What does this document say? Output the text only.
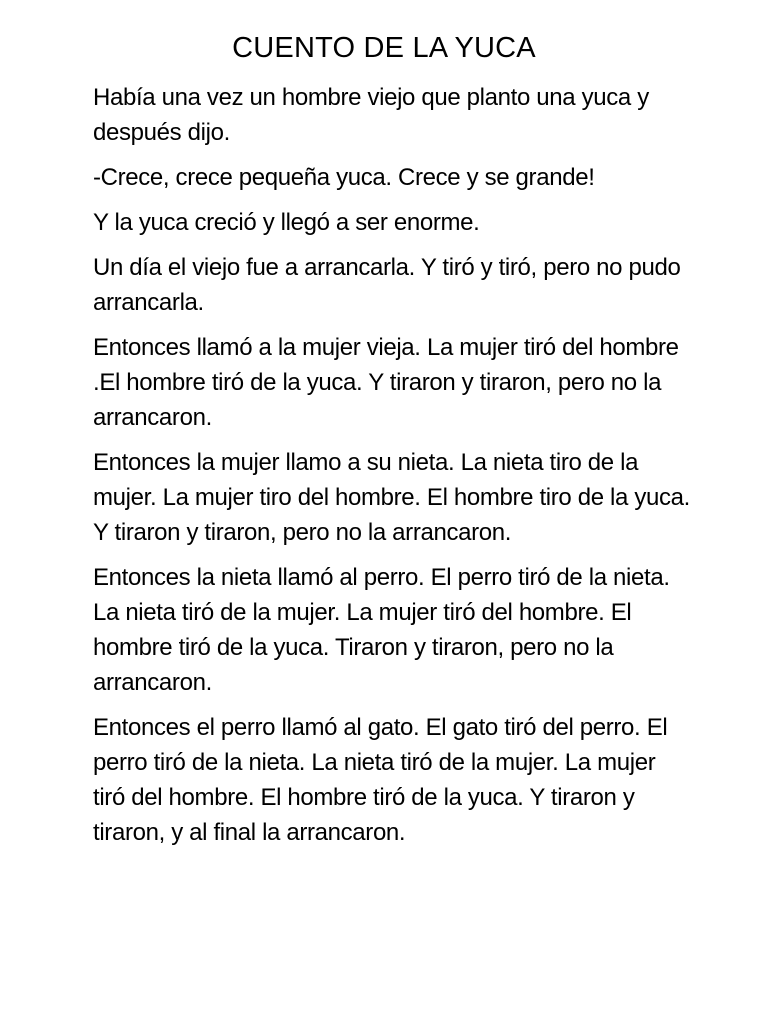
CUENTO DE LA YUCA

Había una vez un hombre viejo que planto una yuca y después dijo.

-Crece, crece pequeña yuca. Crece y se grande!

Y la yuca creció y llegó a ser enorme.

Un día el viejo fue a arrancarla. Y tiró y tiró, pero no pudo arrancarla.

Entonces llamó a la mujer vieja. La mujer tiró del hombre .El hombre tiró de la yuca. Y tiraron y tiraron, pero no la arrancaron.

Entonces la mujer llamo a su nieta. La nieta tiro de la mujer. La mujer tiro del hombre. El hombre tiro de la yuca. Y tiraron y tiraron, pero no la arrancaron.

Entonces la nieta llamó al perro. El perro tiró de la nieta. La nieta tiró de la mujer. La mujer tiró del hombre. El hombre tiró de la yuca. Tiraron y tiraron, pero no la arrancaron.

Entonces el perro llamó al gato. El gato tiró del perro. El perro tiró de la nieta. La nieta tiró de la mujer. La mujer tiró del hombre. El hombre tiró de la yuca. Y tiraron y tiraron, y al final la arrancaron.
